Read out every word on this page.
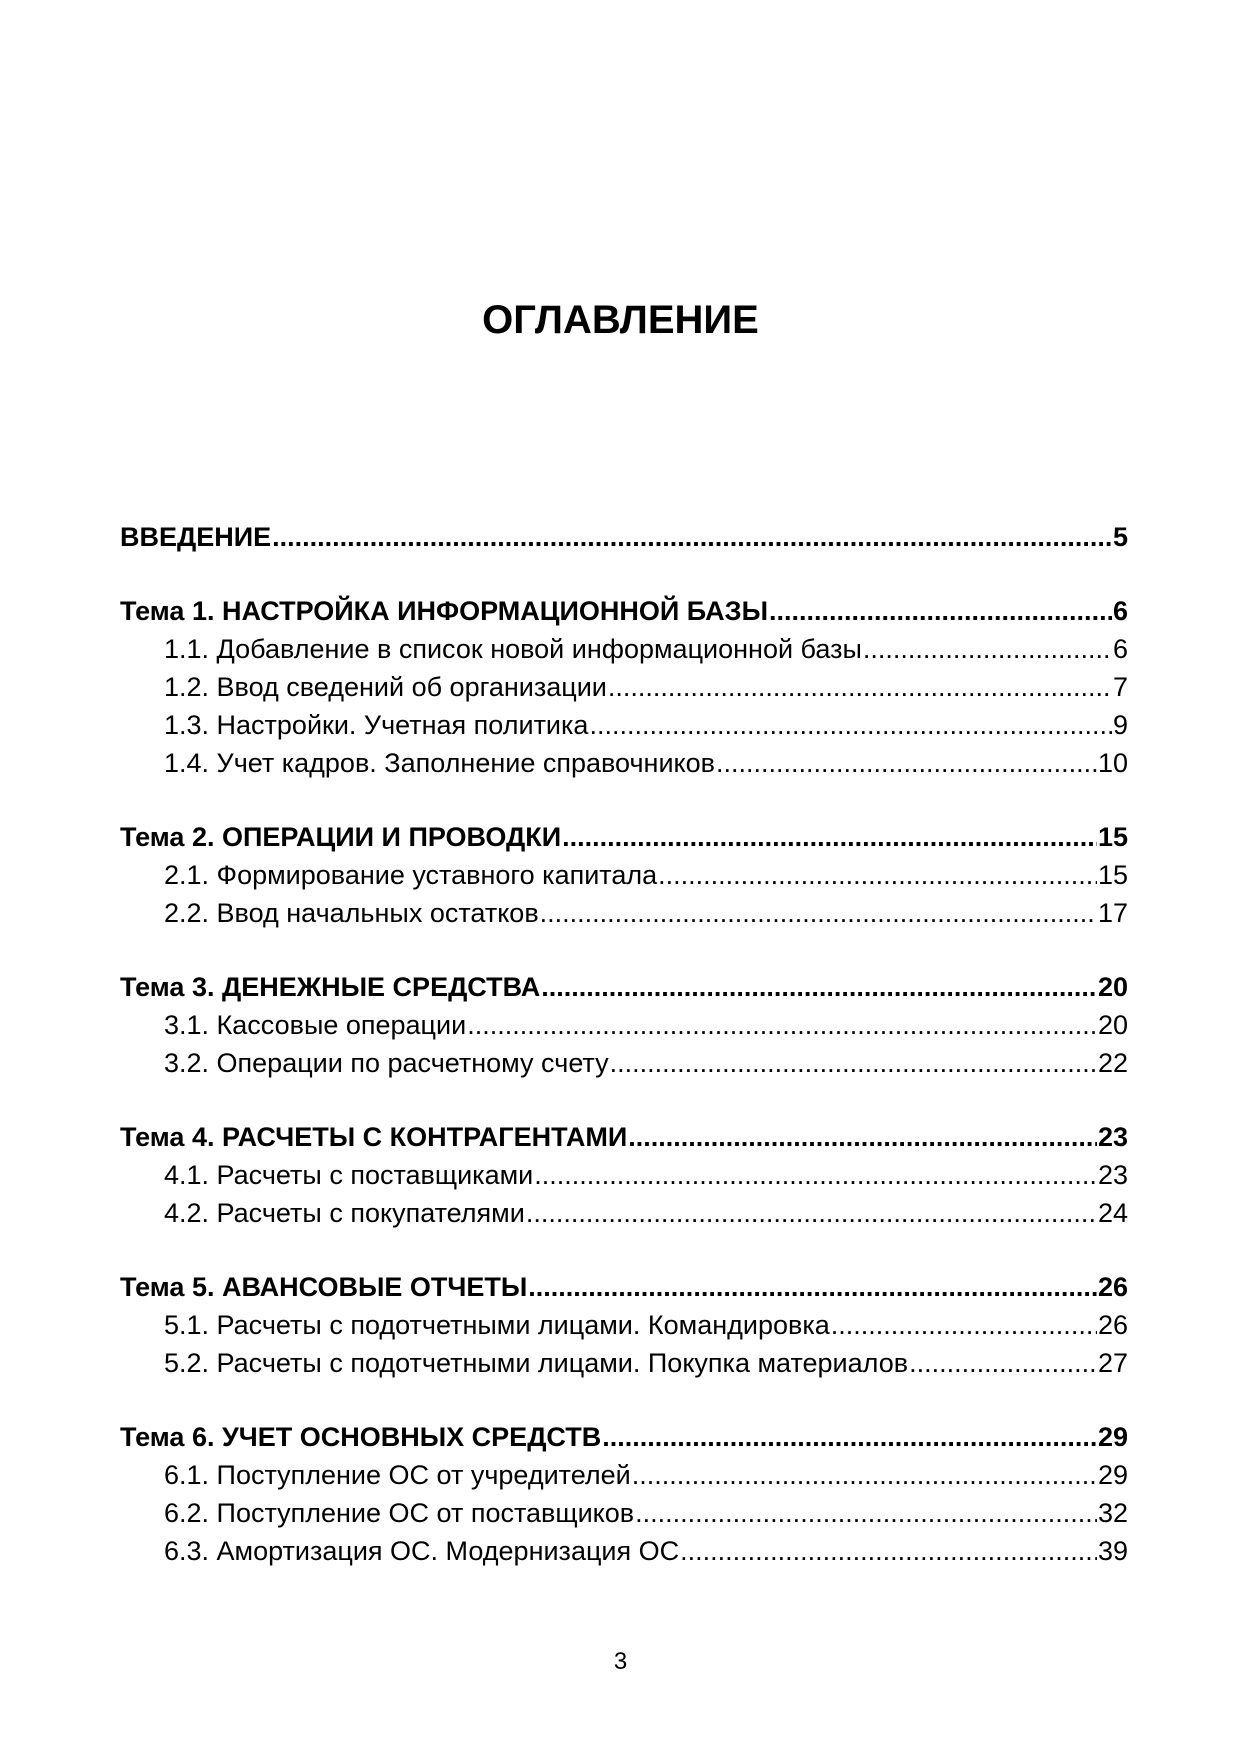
ОГЛАВЛЕНИЕ
ВВЕДЕНИЕ .....	5
Тема 1. НАСТРОЙКА ИНФОРМАЦИОННОЙ БАЗЫ .....	6
1.1. Добавление в список новой информационной базы .....	6
1.2. Ввод сведений об организации .....	7
1.3. Настройки. Учетная политика .....	9
1.4. Учет кадров. Заполнение справочников .....	10
Тема 2. ОПЕРАЦИИ И ПРОВОДКИ .....	15
2.1. Формирование уставного капитала .....	15
2.2. Ввод начальных остатков .....	17
Тема 3. ДЕНЕЖНЫЕ СРЕДСТВА .....	20
3.1. Кассовые операции .....	20
3.2. Операции по расчетному счету .....	22
Тема 4. РАСЧЕТЫ С КОНТРАГЕНТАМИ .....	23
4.1. Расчеты с поставщиками .....	23
4.2. Расчеты с покупателями .....	24
Тема 5. АВАНСОВЫЕ ОТЧЕТЫ .....	26
5.1. Расчеты с подотчетными лицами. Командировка .....	26
5.2. Расчеты с подотчетными лицами. Покупка материалов .....	27
Тема 6. УЧЕТ ОСНОВНЫХ СРЕДСТВ .....	29
6.1. Поступление ОС от учредителей .....	29
6.2. Поступление ОС от поставщиков .....	32
6.3. Амортизация ОС. Модернизация ОС .....	39
3
